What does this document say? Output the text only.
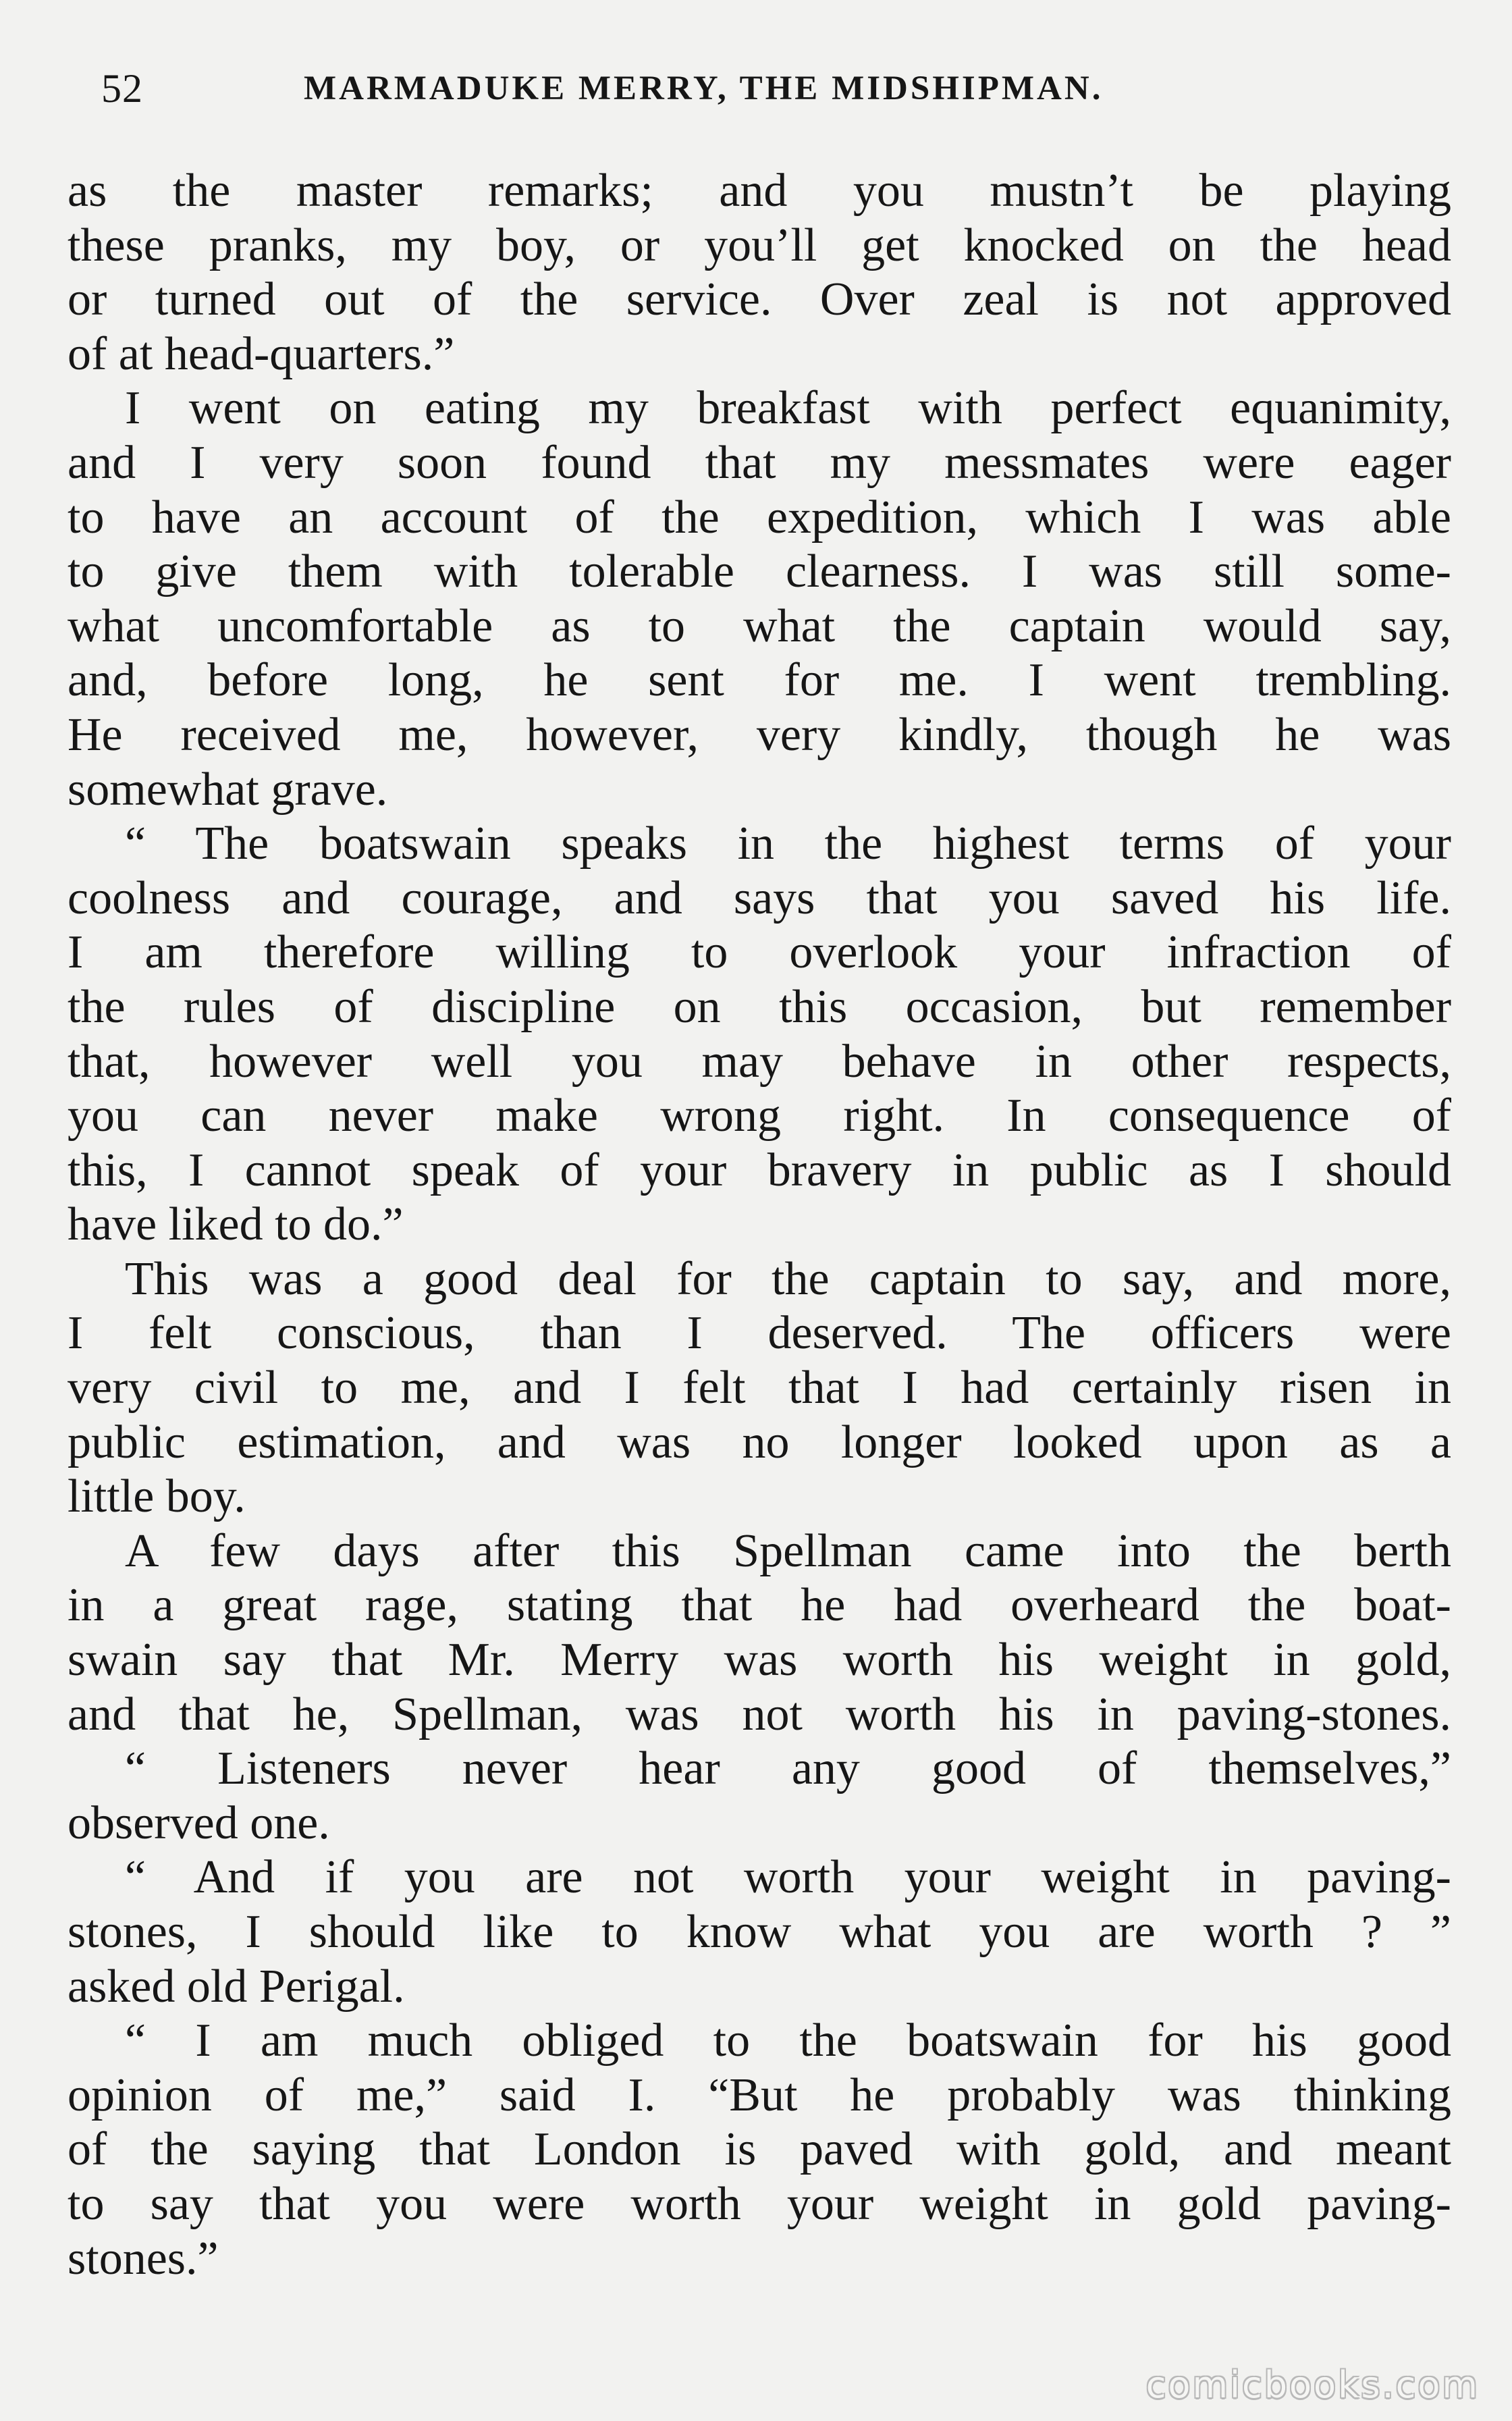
52	MARMADUKE MERRY, THE MIDSHIPMAN.
as the master remarks; and you mustn’t be playing
these pranks, my boy, or you’ll get knocked on the head
or turned out of the service. Over zeal is not approved
of at head-quarters.”
I went on eating my breakfast with perfect equanimity,
and I very soon found that my messmates were eager
to have an account of the expedition, which I was able
to give them with tolerable clearness. I was still some-
what uncomfortable as to what the captain would say,
and, before long, he sent for me. I went trembling.
He received me, however, very kindly, though he was
somewhat grave.
“ The boatswain speaks in the highest terms of your
coolness and courage, and says that you saved his life.
I am therefore willing to overlook your infraction of
the rules of discipline on this occasion, but remember
that, however well you may behave in other respects,
you can never make wrong right. In consequence of
this, I cannot speak of your bravery in public as I should
have liked to do.”
This was a good deal for the captain to say, and more,
I felt conscious, than I deserved. The officers were
very civil to me, and I felt that I had certainly risen in
public estimation, and was no longer looked upon as a
little boy.
A few days after this Spellman came into the berth
in a great rage, stating that he had overheard the boat-
swain say that Mr. Merry was worth his weight in gold,
and that he, Spellman, was not worth his in paving-stones.
“ Listeners never hear any good of themselves,”
observed one.
“ And if you are not worth your weight in paving-
stones, I should like to know what you are worth ? ”
asked old Perigal.
“ I am much obliged to the boatswain for his good
opinion of me,” said I. “But he probably was thinking
of the saying that London is paved with gold, and meant
to say that you were worth your weight in gold paving-
stones.”
comicbooks.com
